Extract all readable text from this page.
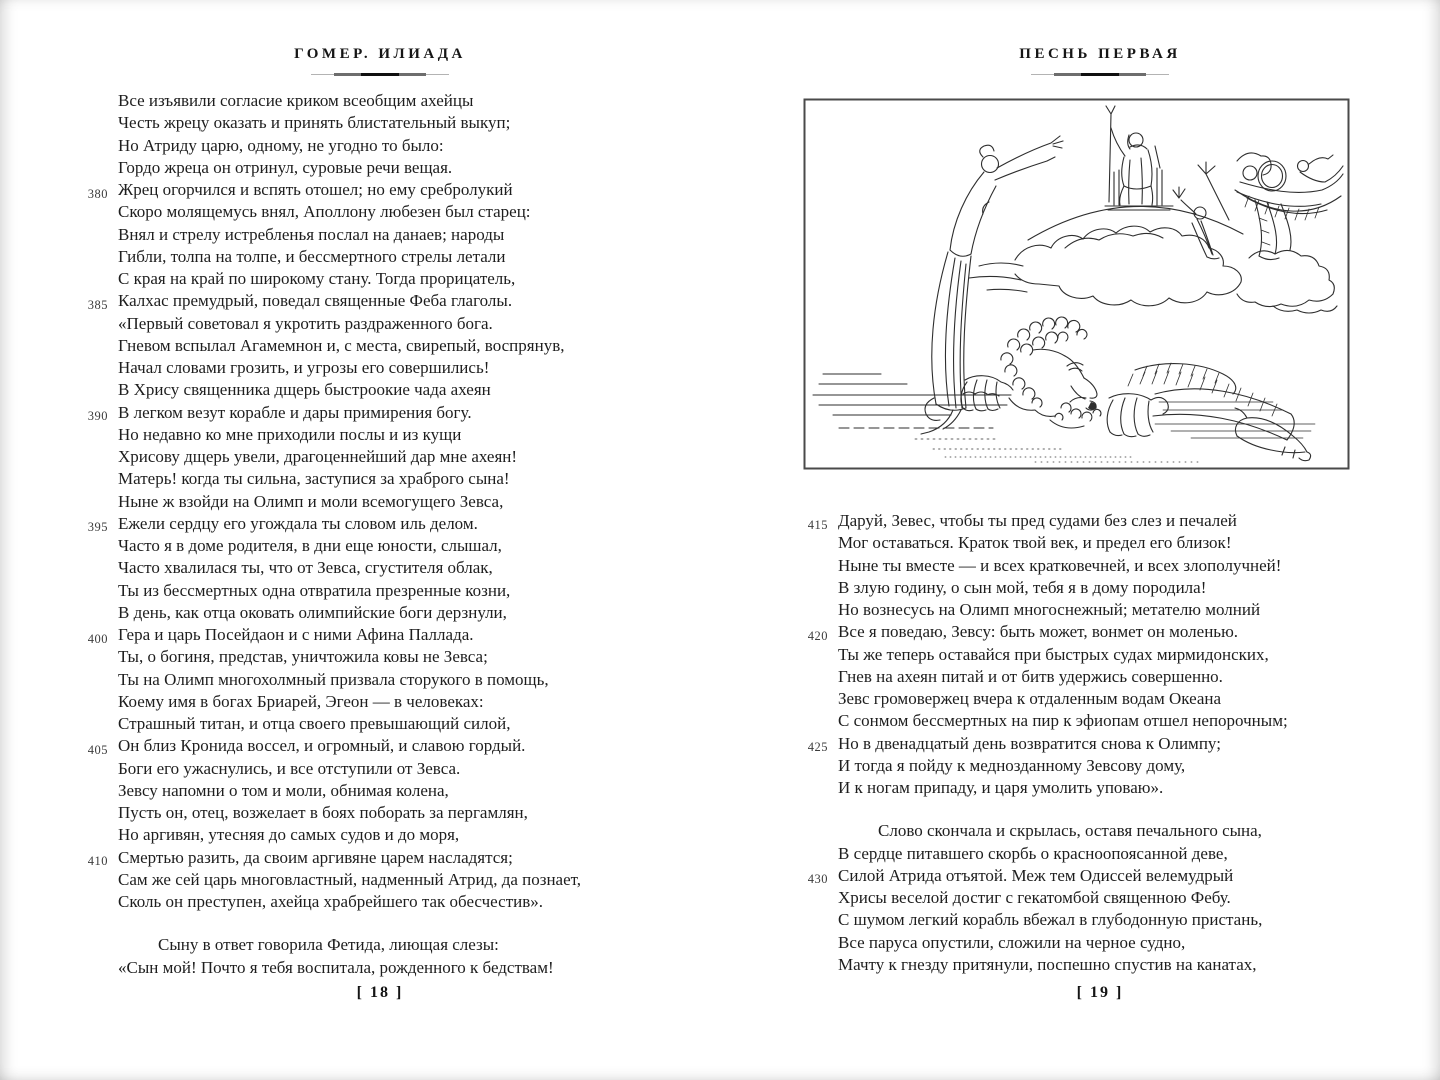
ГОМЕР. ИЛИАДА
Все изъявили согласие криком всеобщим ахейцы
Честь жрецу оказать и принять блистательный выкуп;
Но Атриду царю, одному, не угодно то было:
Гордо жреца он отринул, суровые речи вещая.
380 Жрец огорчился и вспять отошел; но ему сребролукий
Скоро молящемусь внял, Аполлону любезен был старец:
Внял и стрелу истребленья послал на данаев; народы
Гибли, толпа на толпе, и бессмертного стрелы летали
С края на край по широкому стану. Тогда прорицатель,
385 Калхас премудрый, поведал священные Феба глаголы.
«Первый советовал я укротить раздраженного бога.
Гневом вспылал Агамемнон и, с места, свирепый, воспрянув,
Начал словами грозить, и угрозы его совершились!
В Хрису священника дщерь быстроокие чада ахеян
390 В легком везут корабле и дары примирения богу.
Но недавно ко мне приходили послы и из кущи
Хрисову дщерь увели, драгоценнейший дар мне ахеян!
Матерь! когда ты сильна, заступися за храброго сына!
Ныне ж взойди на Олимп и моли всемогущего Зевса,
395 Ежели сердцу его угождала ты словом иль делом.
Часто я в доме родителя, в дни еще юности, слышал,
Часто хвалилася ты, что от Зевса, сгустителя облак,
Ты из бессмертных одна отвратила презренные козни,
В день, как отца оковать олимпийские боги дерзнули,
400 Гера и царь Посейдаон и с ними Афина Паллада.
Ты, о богиня, представ, уничтожила ковы не Зевса;
Ты на Олимп многохолмный призвала сторукого в помощь,
Коему имя в богах Бриарей, Эгеон — в человеках:
Страшный титан, и отца своего превышающий силой,
405 Он близ Кронида воссел, и огромный, и славою гордый.
Боги его ужаснулись, и все отступили от Зевса.
Зевсу напомни о том и моли, обнимая колена,
Пусть он, отец, возжелает в боях поборать за пергамлян,
Но аргивян, утесняя до самых судов и до моря,
410 Смертью разить, да своим аргивяне царем насладятся;
Сам же сей царь многовластный, надменный Атрид, да познает,
Сколь он преступен, ахейца храбрейшего так обесчестив».
Сыну в ответ говорила Фетида, лиющая слезы:
«Сын мой! Почто я тебя воспитала, рожденного к бедствам!
[ 18 ]
ПЕСНЬ ПЕРВАЯ
415 Даруй, Зевес, чтобы ты пред судами без слез и печалей
Мог оставаться. Краток твой век, и предел его близок!
Ныне ты вместе — и всех кратковечней, и всех злополучней!
В злую годину, о сын мой, тебя я в дому породила!
Но вознесусь на Олимп многоснежный; метателю молний
420 Все я поведаю, Зевсу: быть может, вонмет он моленью.
Ты же теперь оставайся при быстрых судах мирмидонских,
Гнев на ахеян питай и от битв удержись совершенно.
Зевс громовержец вчера к отдаленным водам Океана
С сонмом бессмертных на пир к эфиопам отшел непорочным;
425 Но в двенадцатый день возвратится снова к Олимпу;
И тогда я пойду к меднозданному Зевсову дому,
И к ногам припаду, и царя умолить уповаю».
Слово скончала и скрылась, оставя печального сына,
В сердце питавшего скорбь о красноопоясанной деве,
430 Силой Атрида отъятой. Меж тем Одиссей велемудрый
Хрисы веселой достиг с гекатомбой священною Фебу.
С шумом легкий корабль вбежал в глубодонную пристань,
Все паруса опустили, сложили на черное судно,
Мачту к гнезду притянули, поспешно спустив на канатах,
[ 19 ]
